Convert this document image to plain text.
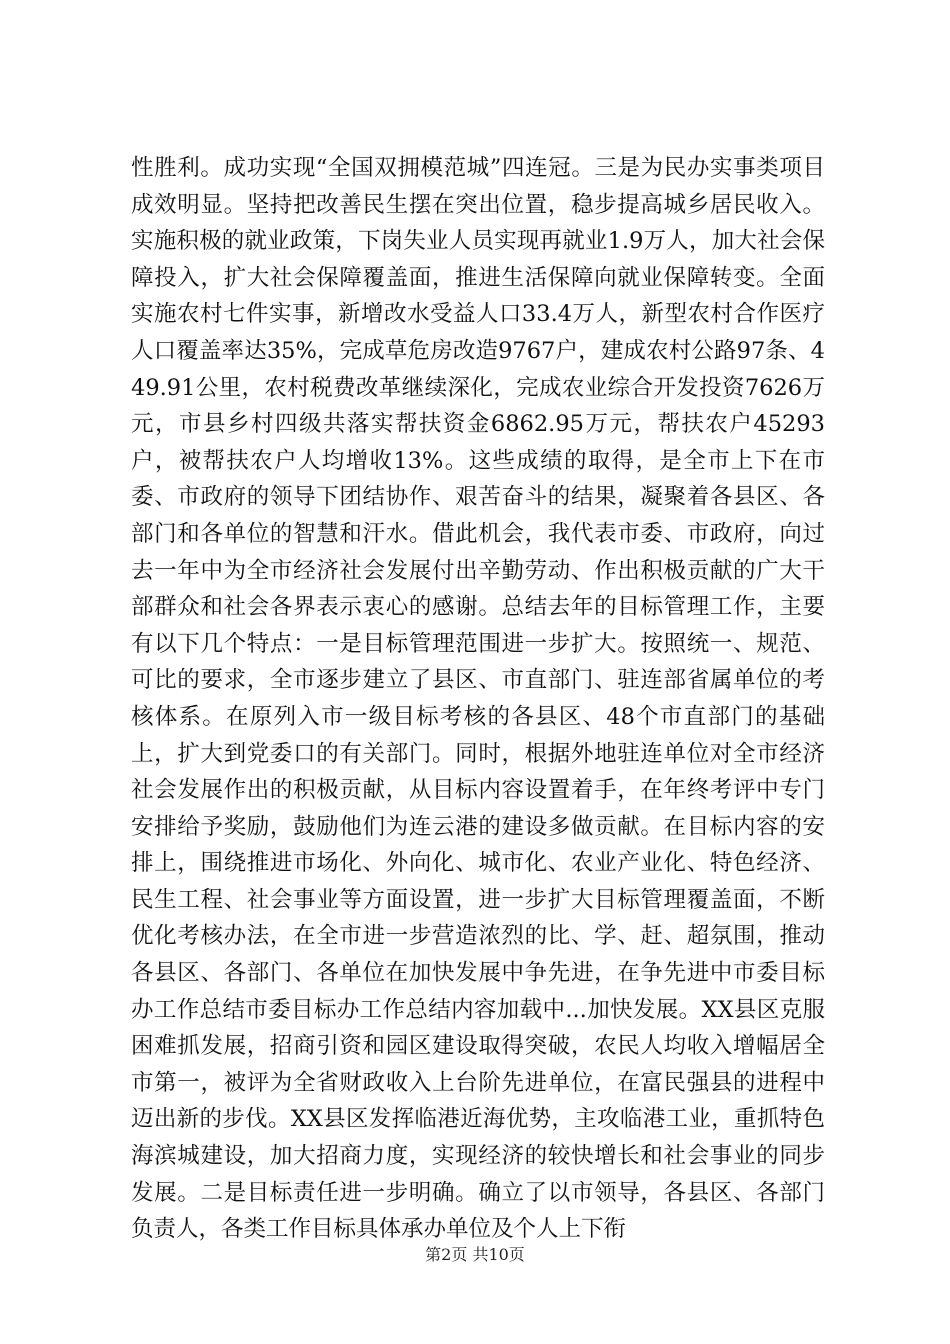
性胜利。成功实现“全国双拥模范城”四连冠。三是为民办实事类项目成效明显。坚持把改善民生摆在突出位置，稳步提高城乡居民收入。实施积极的就业政策，下岗失业人员实现再就业1.9万人，加大社会保障投入，扩大社会保障覆盖面，推进生活保障向就业保障转变。全面实施农村七件实事，新增改水受益人口33.4万人，新型农村合作医疗人口覆盖率达35%，完成草危房改造9767户，建成农村公路97条、449.91公里，农村税费改革继续深化，完成农业综合开发投资7626万元，市县乡村四级共落实帮扶资金6862.95万元，帮扶农户45293户，被帮扶农户人均增收13%。这些成绩的取得，是全市上下在市委、市政府的领导下团结协作、艰苦奋斗的结果，凝聚着各县区、各部门和各单位的智慧和汗水。借此机会，我代表市委、市政府，向过去一年中为全市经济社会发展付出辛勤劳动、作出积极贡献的广大干部群众和社会各界表示衷心的感谢。总结去年的目标管理工作，主要有以下几个特点：一是目标管理范围进一步扩大。按照统一、规范、可比的要求，全市逐步建立了县区、市直部门、驻连部省属单位的考核体系。在原列入市一级目标考核的各县区、48个市直部门的基础上，扩大到党委口的有关部门。同时，根据外地驻连单位对全市经济社会发展作出的积极贡献，从目标内容设置着手，在年终考评中专门安排给予奖励，鼓励他们为连云港的建设多做贡献。在目标内容的安排上，围绕推进市场化、外向化、城市化、农业产业化、特色经济、民生工程、社会事业等方面设置，进一步扩大目标管理覆盖面，不断优化考核办法，在全市进一步营造浓烈的比、学、赶、超氛围，推动各县区、各部门、各单位在加快发展中争先进，在争先进中市委目标办工作总结市委目标办工作总结内容加载中...加快发展。XX县区克服困难抓发展，招商引资和园区建设取得突破，农民人均收入增幅居全市第一，被评为全省财政收入上台阶先进单位，在富民强县的进程中迈出新的步伐。XX县区发挥临港近海优势，主攻临港工业，重抓特色海滨城建设，加大招商力度，实现经济的较快增长和社会事业的同步发展。二是目标责任进一步明确。确立了以市领导，各县区、各部门负责人，各类工作目标具体承办单位及个人上下衔

第2页 共10页
